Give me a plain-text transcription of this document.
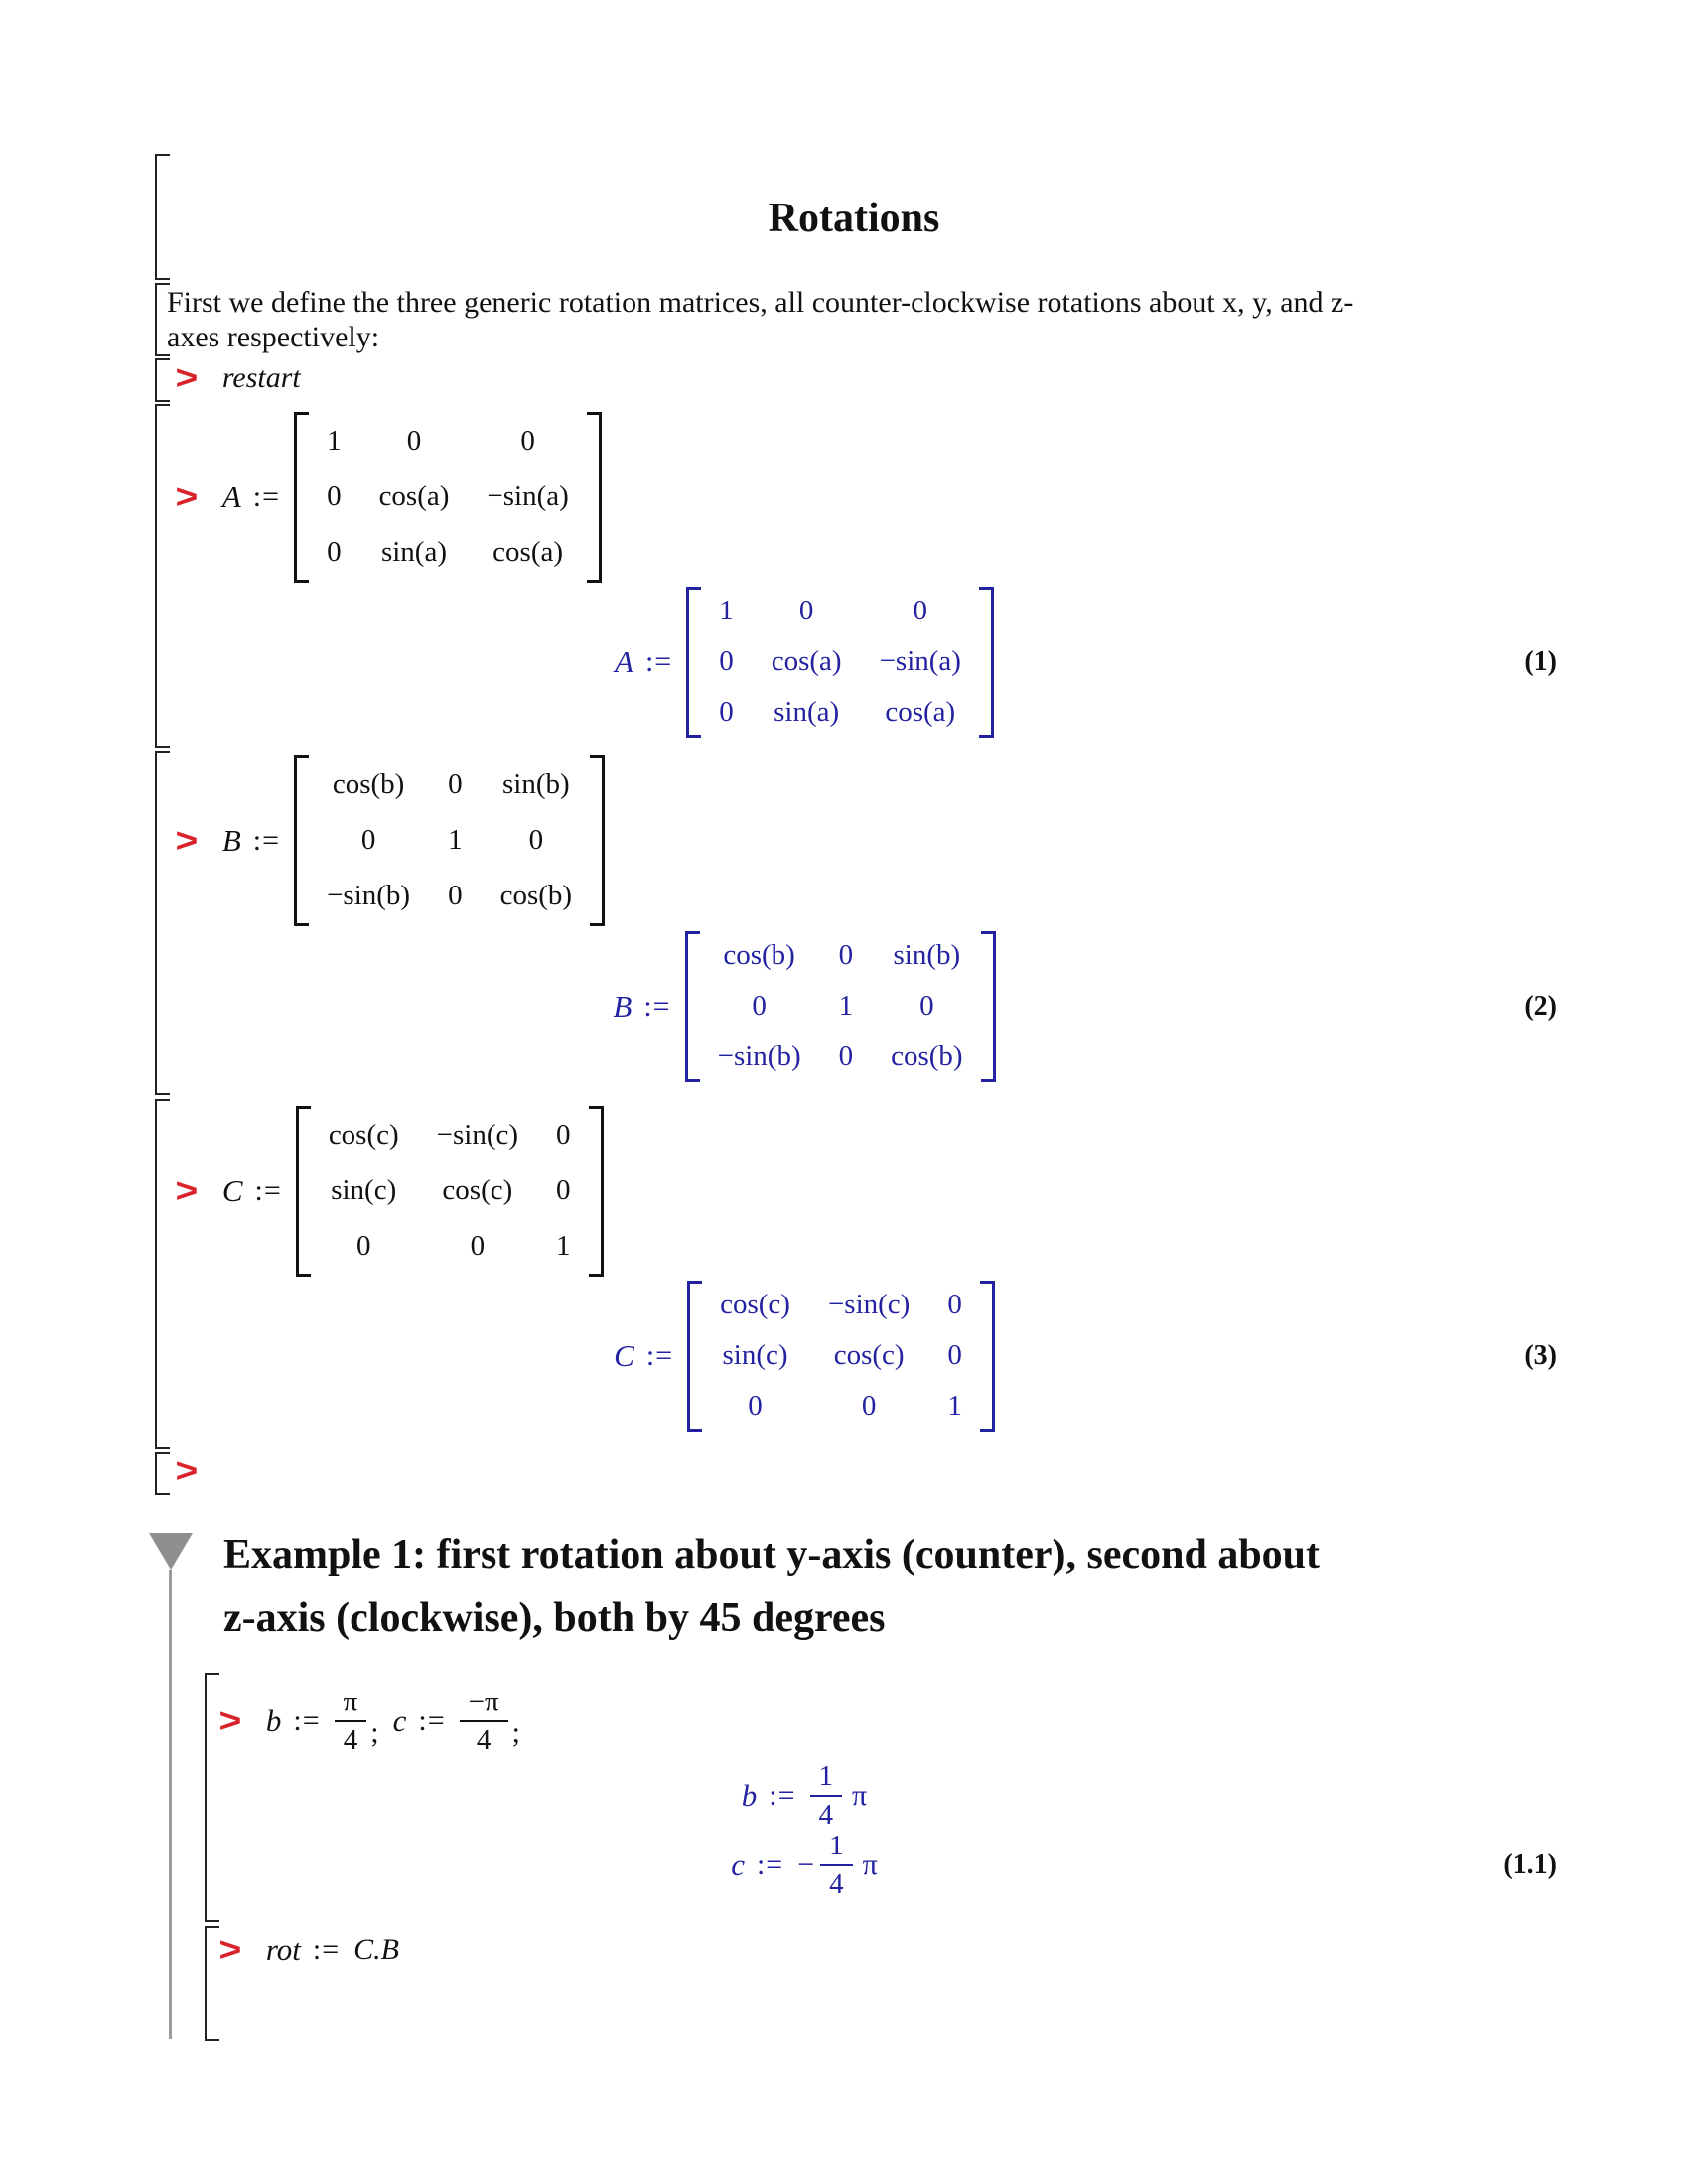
Rotations
First we define the three generic rotation matrices, all counter-clockwise rotations about x, y, and z-
axes respectively:
> restart
> A :=
1 0	0
0 cos(a) −sin(a)
0 sin(a) cos(a)
A :=
1 0	0
0 cos(a) −sin(a)
0 sin(a) cos(a)
(1)
> B :=
cos(b) 0 sin(b)
0	1 0
−sin(b) 0 cos(b)
B :=
cos(b) 0 sin(b)
0	1 0
−sin(b) 0 cos(b)
(2)
> C :=
cos(c) −sin(c) 0
sin(c) cos(c) 0
0	0 1
C :=
cos(c) −sin(c) 0
sin(c) cos(c) 0
0	0 1
(3)
>
Example 1: first rotation about y-axis (counter), second about
z-axis (clockwise), both by 45 degrees
> b := $\frac{\pi}{4}$ ; c := $\frac{-\pi}{4}$ ;
b := $\frac{1}{4}$ π
c := − $\frac{1}{4}$ π	(1.1)
> rot := C.B
